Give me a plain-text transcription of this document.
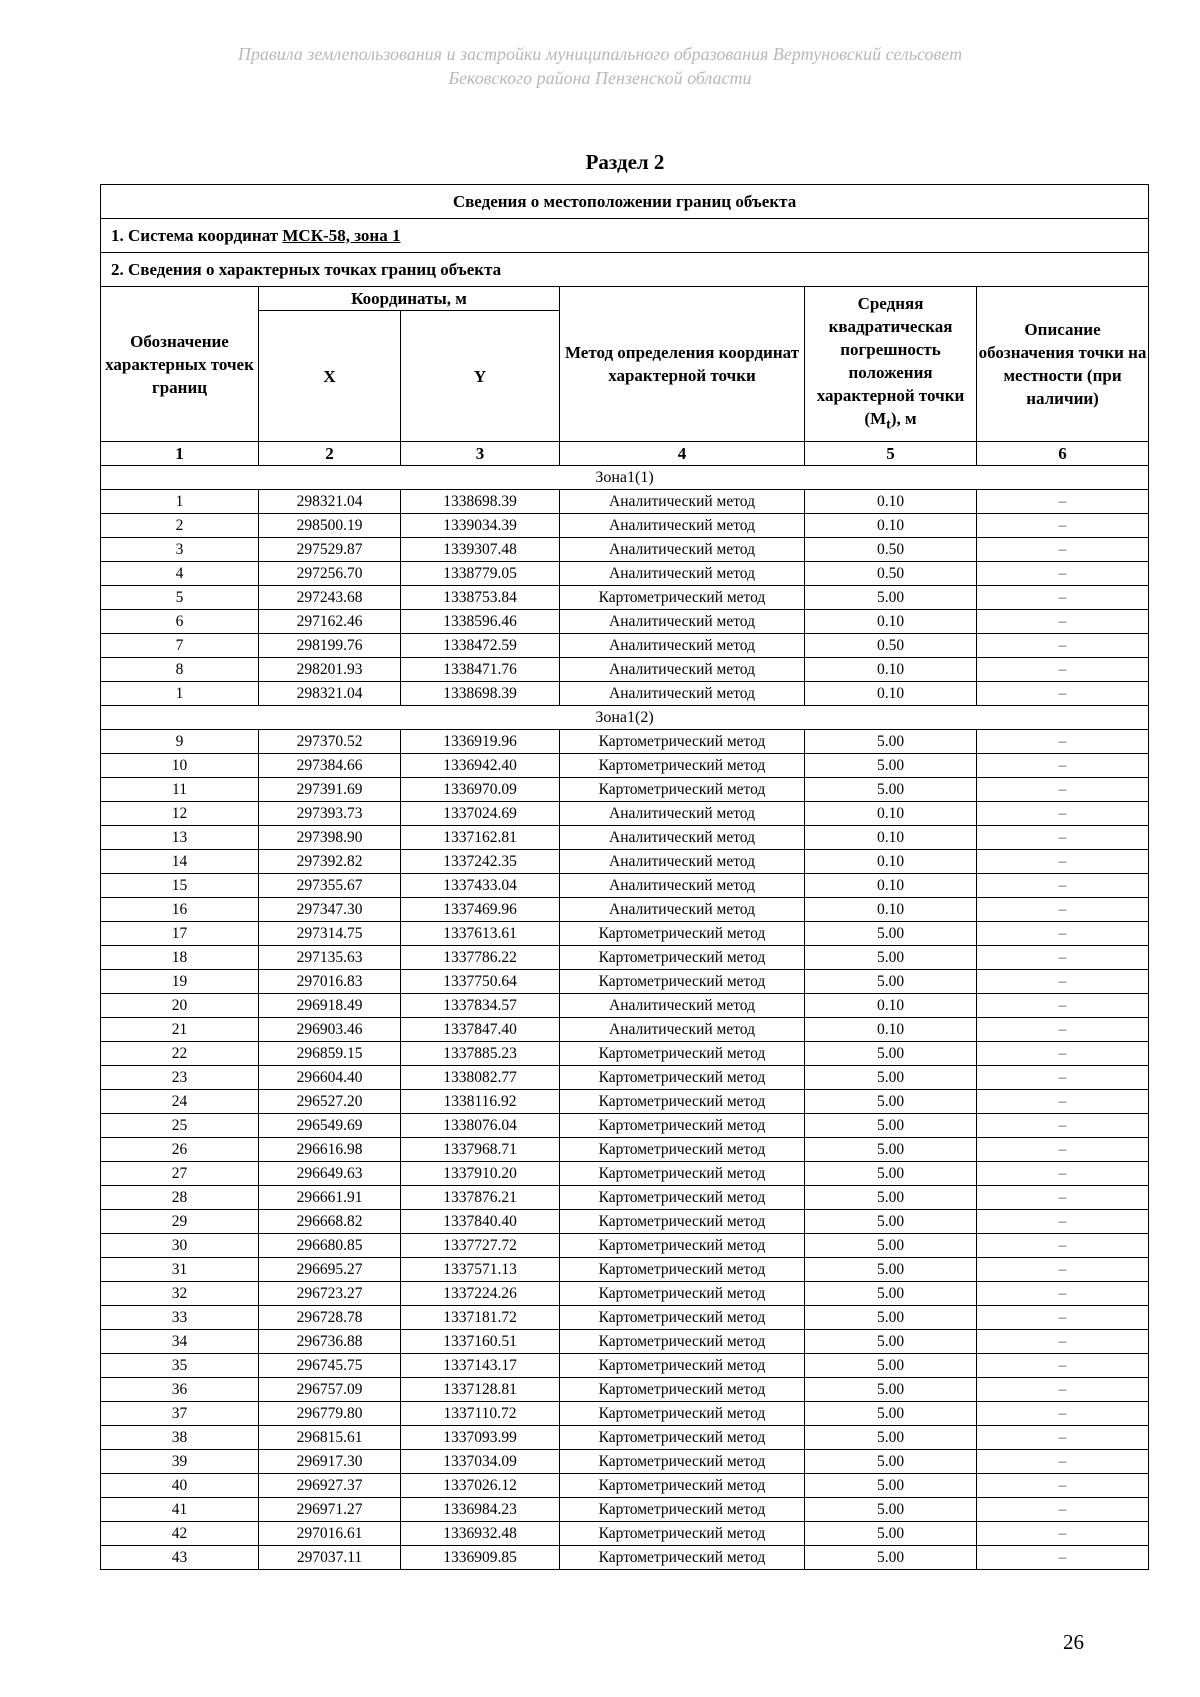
Правила землепользования и застройки муниципального образования Вертуновский сельсовет
Бековского района Пензенской области
Раздел 2
Сведения о местоположении границ объекта					
1. Система координат МСК-58, зона 1					
2. Сведения о характерных точках границ объекта					
Обозначение характерных точек границ	Координаты, м		Метод определения координат характерной точки	Средняя квадратическая погрешность положения характерной точки $(M_t)$, м	Описание обозначения точки на местности (при наличии)
	X	Y			
1	2	3	4	5	6
Зона1(1)					
1	298321.04	1338698.39	Аналитический метод	0.10	–
2	298500.19	1339034.39	Аналитический метод	0.10	–
3	297529.87	1339307.48	Аналитический метод	0.50	–
4	297256.70	1338779.05	Аналитический метод	0.50	–
5	297243.68	1338753.84	Картометрический метод	5.00	–
6	297162.46	1338596.46	Аналитический метод	0.10	–
7	298199.76	1338472.59	Аналитический метод	0.50	–
8	298201.93	1338471.76	Аналитический метод	0.10	–
1	298321.04	1338698.39	Аналитический метод	0.10	–
Зона1(2)					
9	297370.52	1336919.96	Картометрический метод	5.00	–
10	297384.66	1336942.40	Картометрический метод	5.00	–
11	297391.69	1336970.09	Картометрический метод	5.00	–
12	297393.73	1337024.69	Аналитический метод	0.10	–
13	297398.90	1337162.81	Аналитический метод	0.10	–
14	297392.82	1337242.35	Аналитический метод	0.10	–
15	297355.67	1337433.04	Аналитический метод	0.10	–
16	297347.30	1337469.96	Аналитический метод	0.10	–
17	297314.75	1337613.61	Картометрический метод	5.00	–
18	297135.63	1337786.22	Картометрический метод	5.00	–
19	297016.83	1337750.64	Картометрический метод	5.00	–
20	296918.49	1337834.57	Аналитический метод	0.10	–
21	296903.46	1337847.40	Аналитический метод	0.10	–
22	296859.15	1337885.23	Картометрический метод	5.00	–
23	296604.40	1338082.77	Картометрический метод	5.00	–
24	296527.20	1338116.92	Картометрический метод	5.00	–
25	296549.69	1338076.04	Картометрический метод	5.00	–
26	296616.98	1337968.71	Картометрический метод	5.00	–
27	296649.63	1337910.20	Картометрический метод	5.00	–
28	296661.91	1337876.21	Картометрический метод	5.00	–
29	296668.82	1337840.40	Картометрический метод	5.00	–
30	296680.85	1337727.72	Картометрический метод	5.00	–
31	296695.27	1337571.13	Картометрический метод	5.00	–
32	296723.27	1337224.26	Картометрический метод	5.00	–
33	296728.78	1337181.72	Картометрический метод	5.00	–
34	296736.88	1337160.51	Картометрический метод	5.00	–
35	296745.75	1337143.17	Картометрический метод	5.00	–
36	296757.09	1337128.81	Картометрический метод	5.00	–
37	296779.80	1337110.72	Картометрический метод	5.00	–
38	296815.61	1337093.99	Картометрический метод	5.00	–
39	296917.30	1337034.09	Картометрический метод	5.00	–
40	296927.37	1337026.12	Картометрический метод	5.00	–
41	296971.27	1336984.23	Картометрический метод	5.00	–
42	297016.61	1336932.48	Картометрический метод	5.00	–
43	297037.11	1336909.85	Картометрический метод	5.00	–
26
